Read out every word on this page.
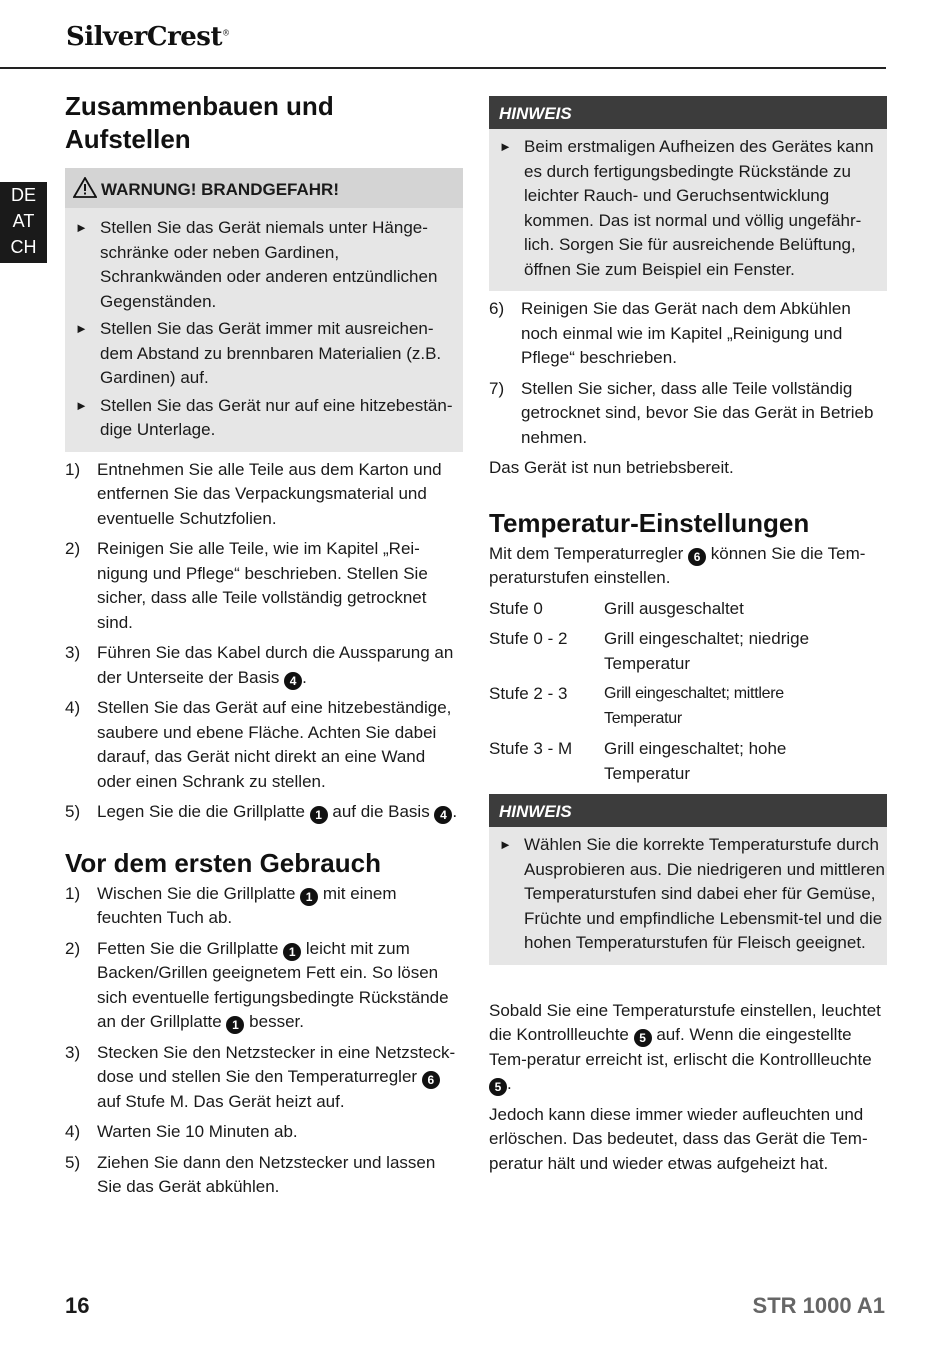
SilverCrest®
DE
AT
CH
Zusammenbauen und Aufstellen
WARNUNG! BRANDGEFAHR!
► Stellen Sie das Gerät niemals unter Hänge-schränke oder neben Gardinen, Schrankwänden oder anderen entzündlichen Gegenständen.
► Stellen Sie das Gerät immer mit ausreichen-dem Abstand zu brennbaren Materialien (z.B. Gardinen) auf.
► Stellen Sie das Gerät nur auf eine hitzebestän-dige Unterlage.
1) Entnehmen Sie alle Teile aus dem Karton und entfernen Sie das Verpackungsmaterial und eventuelle Schutzfolien.
2) Reinigen Sie alle Teile, wie im Kapitel „Rei-nigung und Pflege“ beschrieben. Stellen Sie sicher, dass alle Teile vollständig getrocknet sind.
3) Führen Sie das Kabel durch die Aussparung an der Unterseite der Basis 4 .
4) Stellen Sie das Gerät auf eine hitzebeständige, saubere und ebene Fläche. Achten Sie dabei darauf, das Gerät nicht direkt an eine Wand oder einen Schrank zu stellen.
5) Legen Sie die die Grillplatte 1 auf die Basis 4 .
Vor dem ersten Gebrauch
1) Wischen Sie die Grillplatte 1 mit einem feuchten Tuch ab.
2) Fetten Sie die Grillplatte 1 leicht mit zum Backen/Grillen geeignetem Fett ein. So lösen sich eventuelle fertigungsbedingte Rückstände an der Grillplatte 1 besser.
3) Stecken Sie den Netzstecker in eine Netzsteck-dose und stellen Sie den Temperaturregler 6 auf Stufe M. Das Gerät heizt auf.
4) Warten Sie 10 Minuten ab.
5) Ziehen Sie dann den Netzstecker und lassen Sie das Gerät abkühlen.
HINWEIS
► Beim erstmaligen Aufheizen des Gerätes kann es durch fertigungsbedingte Rückstände zu leichter Rauch- und Geruchsentwicklung kommen. Das ist normal und völlig ungefähr-lich. Sorgen Sie für ausreichende Belüftung, öffnen Sie zum Beispiel ein Fenster.
6) Reinigen Sie das Gerät nach dem Abkühlen noch einmal wie im Kapitel „Reinigung und Pflege“ beschrieben.
7) Stellen Sie sicher, dass alle Teile vollständig getrocknet sind, bevor Sie das Gerät in Betrieb nehmen.

Das Gerät ist nun betriebsbereit.

Temperatur-Einstellungen

Mit dem Temperaturregler 6 können Sie die Tem-peraturstufen einstellen.

Stufe 0	Grill ausgeschaltet
Stufe 0 - 2	Grill eingeschaltet; niedrige Temperatur
Stufe 2 - 3	Grill eingeschaltet; mittlere Temperatur
Stufe 3 - M	Grill eingeschaltet; hohe Temperatur
HINWEIS
► Wählen Sie die korrekte Temperaturstufe durch Ausprobieren aus. Die niedrigeren und mittleren Temperaturstufen sind dabei eher für Gemüse, Früchte und empfindliche Lebensmit-tel und die hohen Temperaturstufen für Fleisch geeignet.

Sobald Sie eine Temperaturstufe einstellen, leuchtet die Kontrollleuchte 5 auf. Wenn die eingestellte Tem-peratur erreicht ist, erlischt die Kontrollleuchte 5 .

Jedoch kann diese immer wieder aufleuchten und erlöschen. Das bedeutet, dass das Gerät die Tem-peratur hält und wieder etwas aufgeheizt hat.

16	STR 1000 A1
